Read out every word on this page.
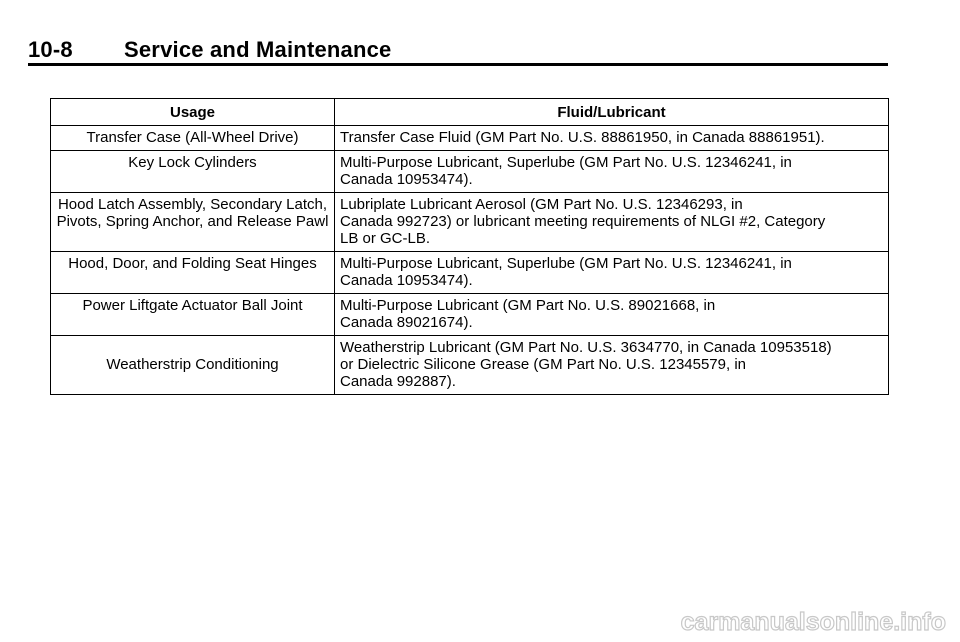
10-8 Service and Maintenance
Usage	Fluid/Lubricant
Transfer Case (All-Wheel Drive)	Transfer Case Fluid (GM Part No. U.S. 88861950, in Canada 88861951).
Key Lock Cylinders	Multi-Purpose Lubricant, Superlube (GM Part No. U.S. 12346241, in
Canada 10953474).
Hood Latch Assembly, Secondary Latch, Pivots, Spring Anchor, and Release Pawl	Lubriplate Lubricant Aerosol (GM Part No. U.S. 12346293, in
Canada 992723) or lubricant meeting requirements of NLGI #2, Category
LB or GC-LB.
Hood, Door, and Folding Seat Hinges	Multi-Purpose Lubricant, Superlube (GM Part No. U.S. 12346241, in
Canada 10953474).
Power Liftgate Actuator Ball Joint	Multi-Purpose Lubricant (GM Part No. U.S. 89021668, in
Canada 89021674).
Weatherstrip Conditioning	Weatherstrip Lubricant (GM Part No. U.S. 3634770, in Canada 10953518)
or Dielectric Silicone Grease (GM Part No. U.S. 12345579, in
Canada 992887).
carmanualsonline.info
